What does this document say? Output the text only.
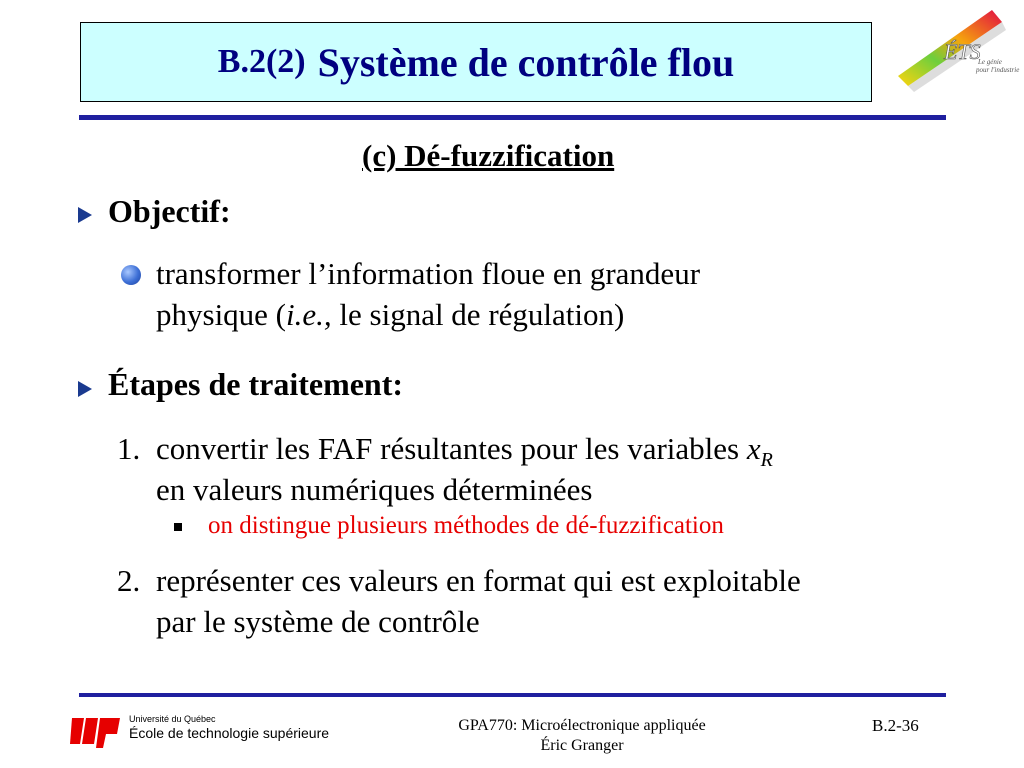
B.2(2) Système de contrôle flou	ÉTS
Le génie
pour l'industrie
(c) Dé-fuzzification
Objectif:
transformer l’information floue en grandeur
physique (i.e., le signal de régulation)
Étapes de traitement:
1. convertir les FAF résultantes pour les variables $x_R$
en valeurs numériques déterminées
on distingue plusieurs méthodes de dé-fuzzification
2. représenter ces valeurs en format qui est exploitable
par le système de contrôle
Université du Québec
École de technologie supérieure	GPA770: Microélectronique appliquée
Éric Granger
B.2-36
